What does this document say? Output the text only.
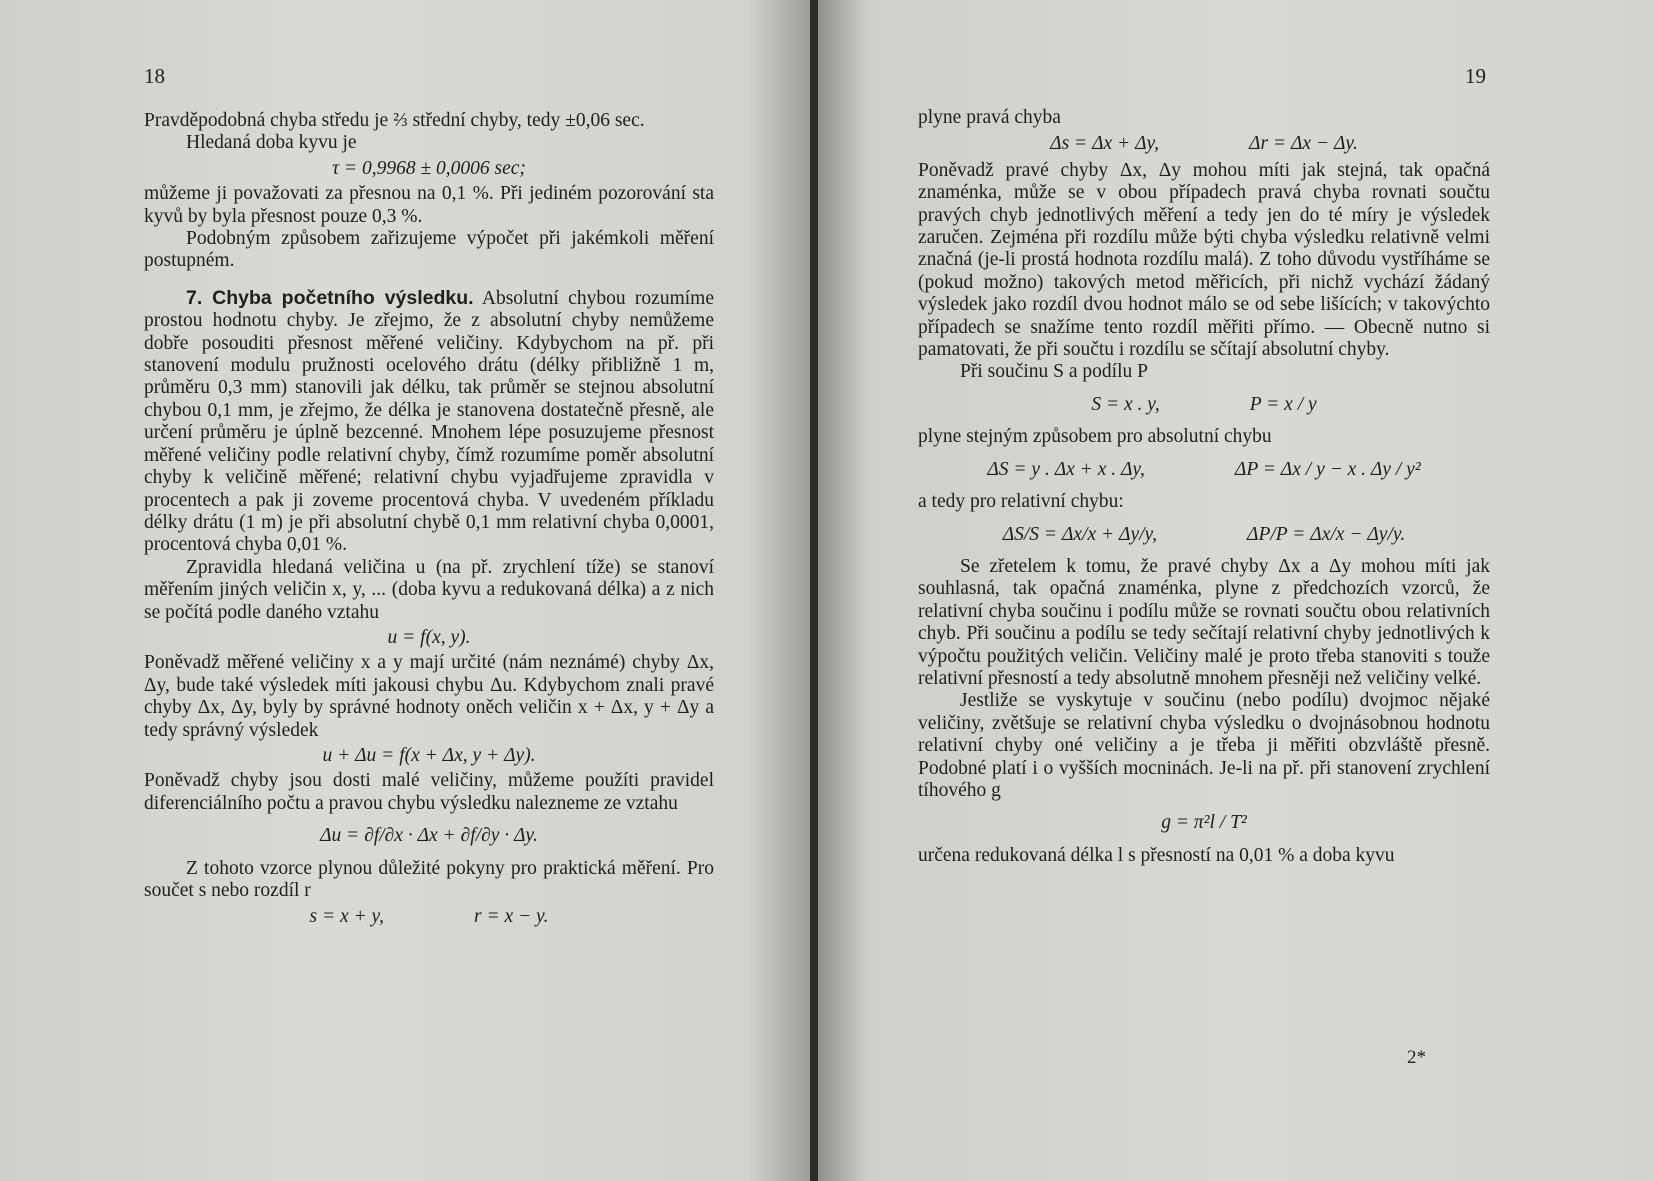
18	19

Pravděpodobná chyba středu je ⅔ střední chyby, tedy ±0,06 sec.

Hledaná doba kyvu je

τ = 0,9968 ± 0,0006 sec;

můžeme ji považovati za přesnou na 0,1 %. Při jediném pozorování sta kyvů by byla přesnost pouze 0,3 %.

Podobným způsobem zařizujeme výpočet při jakémkoli měření postupném.

7. Chyba početního výsledku. Absolutní chybou rozumíme prostou hodnotu chyby. Je zřejmo, že z absolutní chyby nemůžeme dobře posouditi přesnost měřené veličiny. Kdybychom na př. při stanovení modulu pružnosti ocelového drátu (délky přibližně 1 m, průměru 0,3 mm) stanovili jak délku, tak průměr se stejnou absolutní chybou 0,1 mm, je zřejmo, že délka je stanovena dostatečně přesně, ale určení průměru je úplně bezcenné. Mnohem lépe posuzujeme přesnost měřené veličiny podle relativní chyby, čímž rozumíme poměr absolutní chyby k veličině měřené; relativní chybu vyjadřujeme zpravidla v procentech a pak ji zoveme procentová chyba. V uvedeném příkladu délky drátu (1 m) je při absolutní chybě 0,1 mm relativní chyba 0,0001, procentová chyba 0,01 %.

Zpravidla hledaná veličina u (na př. zrychlení tíže) se stanoví měřením jiných veličin x, y, ... (doba kyvu a redukovaná délka) a z nich se počítá podle daného vztahu

u = f(x, y).

Poněvadž měřené veličiny x a y mají určité (nám neznámé) chyby Δx, Δy, bude také výsledek míti jakousi chybu Δu. Kdybychom znali pravé chyby Δx, Δy, byly by správné hodnoty oněch veličin x + Δx, y + Δy a tedy správný výsledek

u + Δu = f(x + Δx, y + Δy).

Poněvadž chyby jsou dosti malé veličiny, můžeme použíti pravidel diferenciálního počtu a pravou chybu výsledku nalezneme ze vztahu

Δu = ∂f/∂x · Δx + ∂f/∂y · Δy.

Z tohoto vzorce plynou důležité pokyny pro praktická měření. Pro součet s nebo rozdíl r

s = x + y,	r = x − y.

plyne pravá chyba

Δs = Δx + Δy,	Δr = Δx − Δy.

Poněvadž pravé chyby Δx, Δy mohou míti jak stejná, tak opačná znaménka, může se v obou případech pravá chyba rovnati součtu pravých chyb jednotlivých měření a tedy jen do té míry je výsledek zaručen. Zejména při rozdílu může býti chyba výsledku relativně velmi značná (je-li prostá hodnota rozdílu malá). Z toho důvodu vystříháme se (pokud možno) takových metod měřicích, při nichž vychází žádaný výsledek jako rozdíl dvou hodnot málo se od sebe lišících; v takovýchto případech se snažíme tento rozdíl měřiti přímo. — Obecně nutno si pamatovati, že při součtu i rozdílu se sčítají absolutní chyby.

Při součinu S a podílu P

S = x . y,	P = x / y

plyne stejným způsobem pro absolutní chybu

ΔS = y . Δx + x . Δy,	ΔP = Δx / y − x . Δy / y²

a tedy pro relativní chybu:

ΔS/S = Δx/x + Δy/y,	ΔP/P = Δx/x − Δy/y.

Se zřetelem k tomu, že pravé chyby Δx a Δy mohou míti jak souhlasná, tak opačná znaménka, plyne z předchozích vzorců, že relativní chyba součinu i podílu může se rovnati součtu obou relativních chyb. Při součinu a podílu se tedy sečítají relativní chyby jednotlivých k výpočtu použitých veličin. Veličiny malé je proto třeba stanoviti s touže relativní přesností a tedy absolutně mnohem přesněji než veličiny velké.

Jestliže se vyskytuje v součinu (nebo podílu) dvojmoc nějaké veličiny, zvětšuje se relativní chyba výsledku o dvojnásobnou hodnotu relativní chyby oné veličiny a je třeba ji měřiti obzvláště přesně. Podobné platí i o vyšších mocninách. Je-li na př. při stanovení zrychlení tíhového g

g = π²l / T²

určena redukovaná délka l s přesností na 0,01 % a doba kyvu

2*
